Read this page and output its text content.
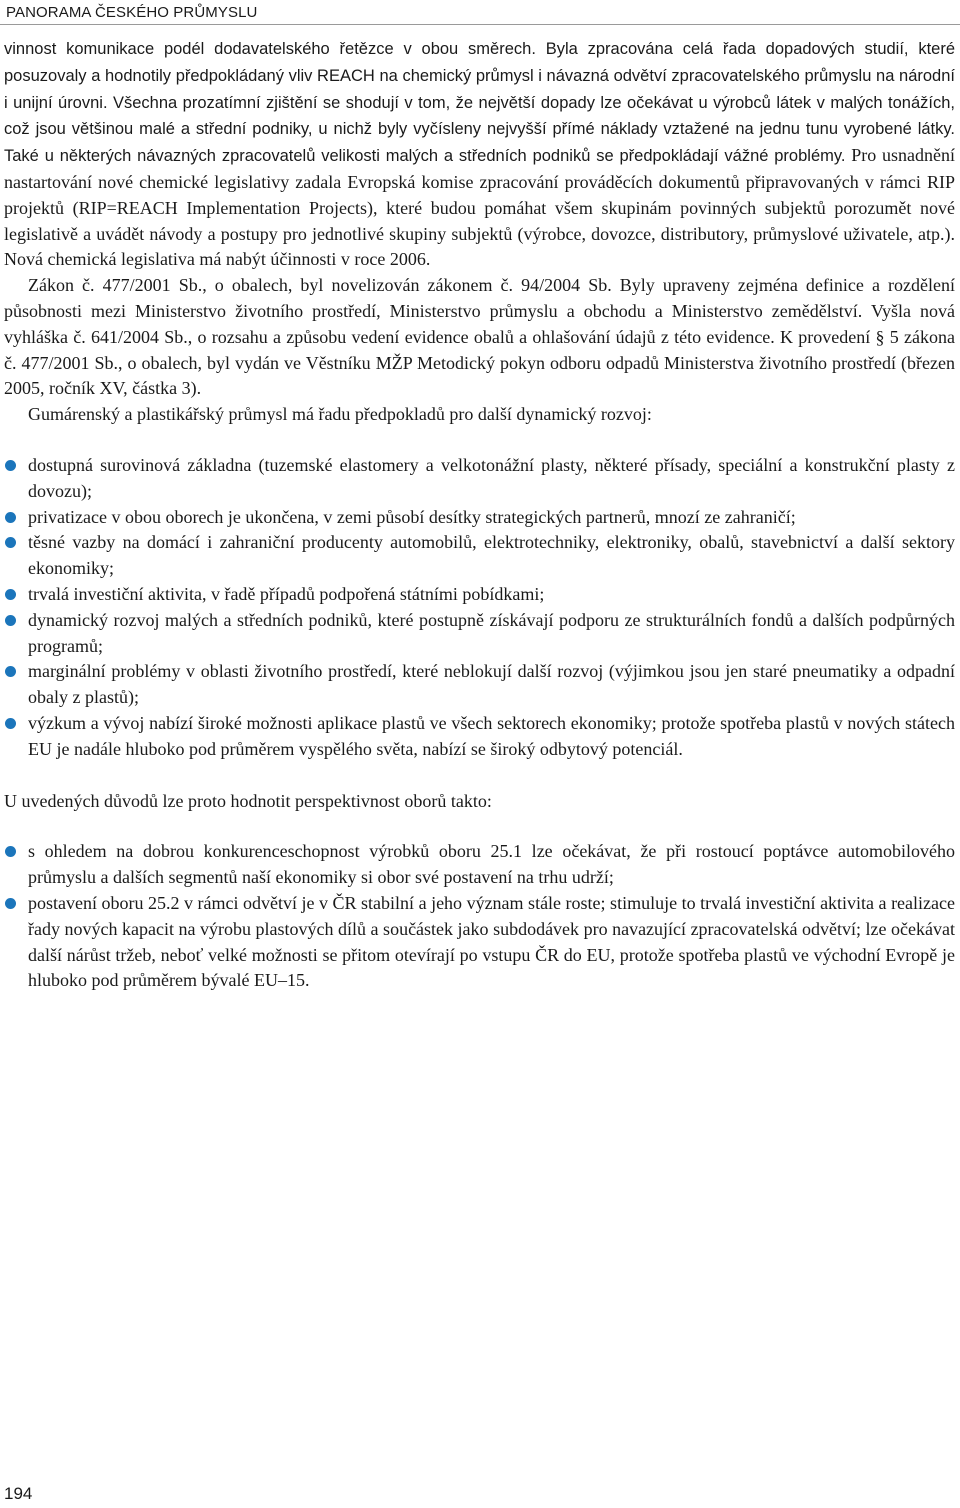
PANORAMA ČESKÉHO PRŮMYSLU

vinnost komunikace podél dodavatelského řetězce v obou směrech. Byla zpracována celá řada dopadových studií, které posuzovaly a hodnotily předpokládaný vliv REACH na chemický průmysl i návazná odvětví zpracovatelského průmyslu na národní i unijní úrovni. Všechna prozatímní zjištění se shodují v tom, že největší dopady lze očekávat u výrobců látek v malých tonážích, což jsou většinou malé a střední podniky, u nichž byly vyčísleny nejvyšší přímé náklady vztažené na jednu tunu vyrobené látky. Také u některých návazných zpracovatelů velikosti malých a středních podniků se předpokládají vážné problémy. Pro usnadnění nastartování nové chemické legislativy zadala Evropská komise zpracování prováděcích dokumentů připravovaných v rámci RIP projektů (RIP=REACH Implementation Projects), které budou pomáhat všem skupinám povinných subjektů porozumět nové legislativě a uvádět návody a postupy pro jednotlivé skupiny subjektů (výrobce, dovozce, distributory, průmyslové uživatele, atp.). Nová chemická legislativa má nabýt účinnosti v roce 2006.

Zákon č. 477/2001 Sb., o obalech, byl novelizován zákonem č. 94/2004 Sb. Byly upraveny zejména definice a rozdělení působnosti mezi Ministerstvo životního prostředí, Ministerstvo průmyslu a obchodu a Ministerstvo zemědělství. Vyšla nová vyhláška č. 641/2004 Sb., o rozsahu a způsobu vedení evidence obalů a ohlašování údajů z této evidence. K provedení § 5 zákona č. 477/2001 Sb., o obalech, byl vydán ve Věstníku MŽP Metodický pokyn odboru odpadů Ministerstva životního prostředí (březen 2005, ročník XV, částka 3).

Gumárenský a plastikářský průmysl má řadu předpokladů pro další dynamický rozvoj:

dostupná surovinová základna (tuzemské elastomery a velkotonážní plasty, některé přísady, speciální a konstrukční plasty z dovozu);
privatizace v obou oborech je ukončena, v zemi působí desítky strategických partnerů, mnozí ze zahraničí;
těsné vazby na domácí i zahraniční producenty automobilů, elektrotechniky, elektroniky, obalů, stavebnictví a další sektory ekonomiky;
trvalá investiční aktivita, v řadě případů podpořená státními pobídkami;
dynamický rozvoj malých a středních podniků, které postupně získávají podporu ze strukturálních fondů a dalších podpůrných programů;
marginální problémy v oblasti životního prostředí, které neblokují další rozvoj (výjimkou jsou jen staré pneumatiky a odpadní obaly z plastů);
výzkum a vývoj nabízí široké možnosti aplikace plastů ve všech sektorech ekonomiky; protože spotřeba plastů v nových státech EU je nadále hluboko pod průměrem vyspělého světa, nabízí se široký odbytový potenciál.

U uvedených důvodů lze proto hodnotit perspektivnost oborů takto:

s ohledem na dobrou konkurenceschopnost výrobků oboru 25.1 lze očekávat, že při rostoucí poptávce automobilového průmyslu a dalších segmentů naší ekonomiky si obor své postavení na trhu udrží;
postavení oboru 25.2 v rámci odvětví je v ČR stabilní a jeho význam stále roste; stimuluje to trvalá investiční aktivita a realizace řady nových kapacit na výrobu plastových dílů a součástek jako subdodávek pro navazující zpracovatelská odvětví; lze očekávat další nárůst tržeb, neboť velké možnosti se přitom otevírají po vstupu ČR do EU, protože spotřeba plastů ve východní Evropě je hluboko pod průměrem bývalé EU–15.
194
